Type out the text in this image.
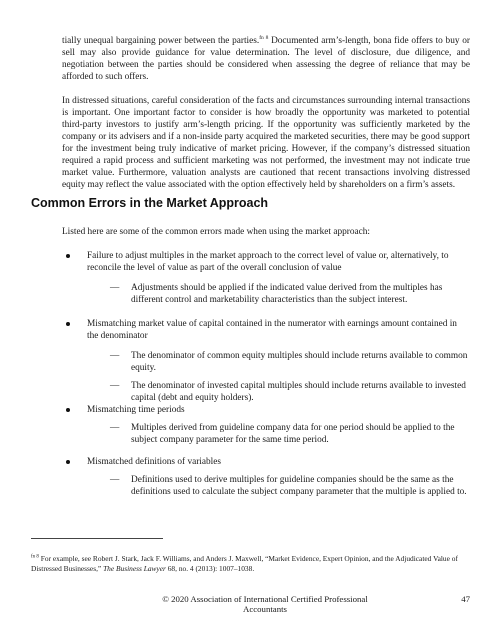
tially unequal bargaining power between the parties.$^{fn 8}$ Documented arm’s-length, bona fide offers to buy or sell may also provide guidance for value determination. The level of disclosure, due diligence, and negotiation between the parties should be considered when assessing the degree of reliance that may be afforded to such offers.

In distressed situations, careful consideration of the facts and circumstances surrounding internal transactions is important. One important factor to consider is how broadly the opportunity was marketed to potential third-party investors to justify arm’s-length pricing. If the opportunity was sufficiently marketed by the company or its advisers and if a non-inside party acquired the marketed securities, there may be good support for the investment being truly indicative of market pricing. However, if the company’s distressed situation required a rapid process and sufficient marketing was not performed, the investment may not indicate true market value. Furthermore, valuation analysts are cautioned that recent transactions involving distressed equity may reflect the value associated with the option effectively held by shareholders on a firm’s assets.

Common Errors in the Market Approach

Listed here are some of the common errors made when using the market approach:

Failure to adjust multiples in the market approach to the correct level of value or, alternatively, to reconcile the level of value as part of the overall conclusion of value
— Adjustments should be applied if the indicated value derived from the multiples has different control and marketability characteristics than the subject interest.
Mismatching market value of capital contained in the numerator with earnings amount contained in the denominator
— The denominator of common equity multiples should include returns available to common equity.
— The denominator of invested capital multiples should include returns available to invested capital (debt and equity holders).
Mismatching time periods
— Multiples derived from guideline company data for one period should be applied to the subject company parameter for the same time period.
Mismatched definitions of variables
— Definitions used to derive multiples for guideline companies should be the same as the definitions used to calculate the subject company parameter that the multiple is applied to.

$^{fn 8}$ For example, see Robert J. Stark, Jack F. Williams, and Anders J. Maxwell, “Market Evidence, Expert Opinion, and the Adjudicated Value of Distressed Businesses,” The Business Lawyer 68, no. 4 (2013): 1007–1038.

© 2020 Association of International Certified Professional Accountants
47
